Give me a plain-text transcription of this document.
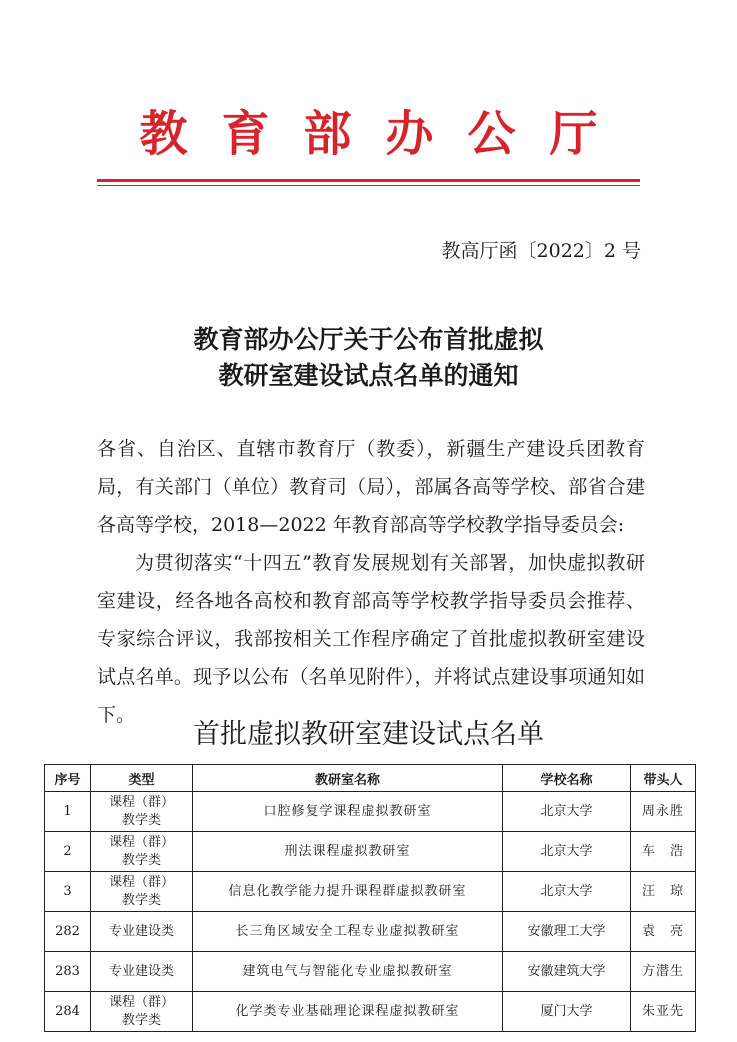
教育部办公厅
教高厅函〔2022〕2 号
教育部办公厅关于公布首批虚拟
教研室建设试点名单的通知

各省、自治区、直辖市教育厅（教委），新疆生产建设兵团教育局，有关部门（单位）教育司（局），部属各高等学校、部省合建各高等学校，2018—2022 年教育部高等学校教学指导委员会:

为贯彻落实“十四五”教育发展规划有关部署，加快虚拟教研室建设，经各地各高校和教育部高等学校教学指导委员会推荐、专家综合评议，我部按相关工作程序确定了首批虚拟教研室建设试点名单。现予以公布（名单见附件），并将试点建设事项通知如下。

首批虚拟教研室建设试点名单
序号	类型	教研室名称	学校名称	带头人
1	课程（群）
教学类	口腔修复学课程虚拟教研室	北京大学	周永胜
2	课程（群）
教学类	刑法课程虚拟教研室	北京大学	车　浩
3	课程（群）
教学类	信息化教学能力提升课程群虚拟教研室	北京大学	汪　琼
282	专业建设类	长三角区域安全工程专业虚拟教研室	安徽理工大学	袁　亮
283	专业建设类	建筑电气与智能化专业虚拟教研室	安徽建筑大学	方潜生
284	课程（群）
教学类	化学类专业基础理论课程虚拟教研室	厦门大学	朱亚先
